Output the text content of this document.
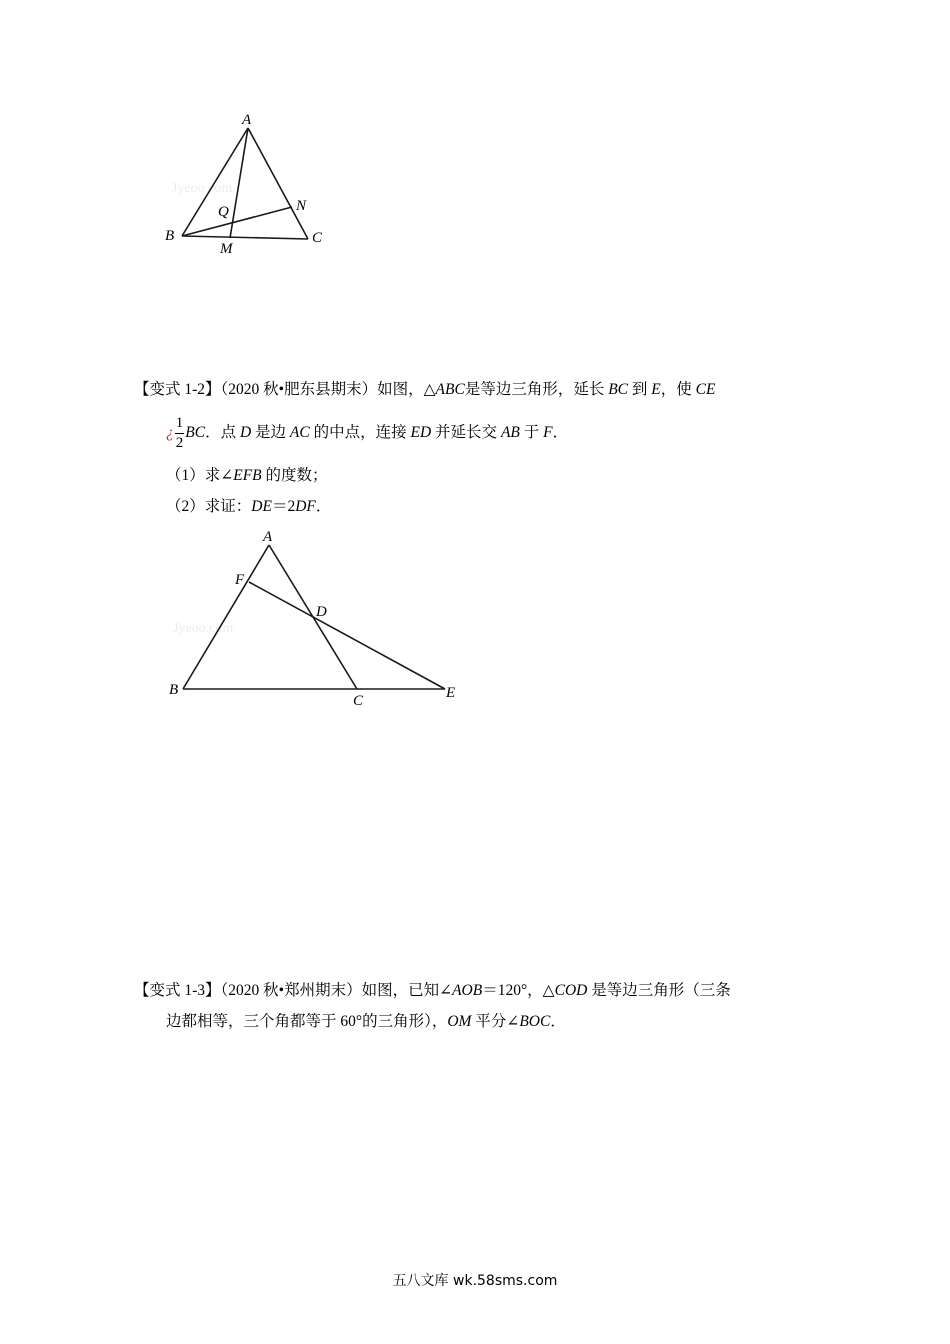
Jyeoo.com
A
B	C
N
Q
M
【变式 1-2】（2020 秋•肥东县期末）如图，△ABC是等边三角形，延长 BC 到 E，使 CE
¿ $\frac{1}{2}$ BC．点 D 是边 AC 的中点，连接 ED 并延长交 AB 于 F．
（1）求∠EFB 的度数；
（2）求证：DE＝2DF．
Jyeoo.com
A
F
D
B
C	E
【变式 1-3】（2020 秋•郑州期末）如图，已知∠AOB＝120°，△COD 是等边三角形（三条
边都相等，三个角都等于 60°的三角形），OM 平分∠BOC．
五八文库 wk.58sms.com
